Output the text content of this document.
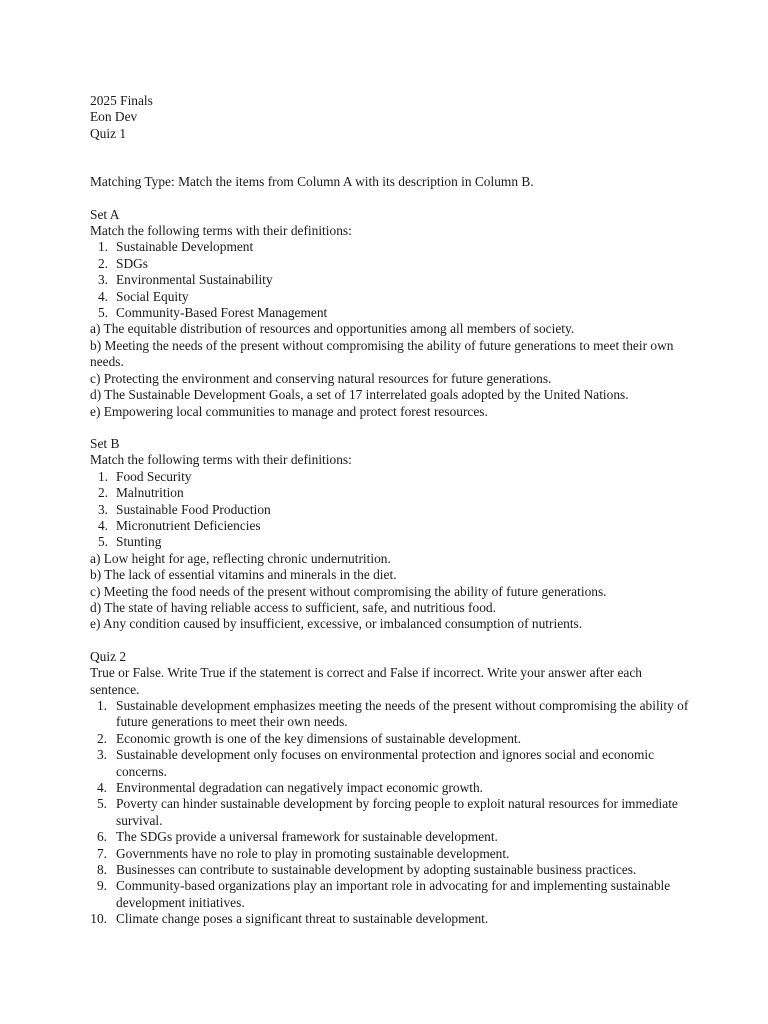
2025 Finals
Eon Dev
Quiz 1
Matching Type: Match the items from Column A with its description in Column B.
Set A
Match the following terms with their definitions:
1. Sustainable Development
2. SDGs
3. Environmental Sustainability
4. Social Equity
5. Community-Based Forest Management
a) The equitable distribution of resources and opportunities among all members of society.
b) Meeting the needs of the present without compromising the ability of future generations to meet their own needs.
c) Protecting the environment and conserving natural resources for future generations.
d) The Sustainable Development Goals, a set of 17 interrelated goals adopted by the United Nations.
e) Empowering local communities to manage and protect forest resources.
Set B
Match the following terms with their definitions:
1. Food Security
2. Malnutrition
3. Sustainable Food Production
4. Micronutrient Deficiencies
5. Stunting
a) Low height for age, reflecting chronic undernutrition.
b) The lack of essential vitamins and minerals in the diet.
c) Meeting the food needs of the present without compromising the ability of future generations.
d) The state of having reliable access to sufficient, safe, and nutritious food.
e) Any condition caused by insufficient, excessive, or imbalanced consumption of nutrients.
Quiz 2
True or False. Write True if the statement is correct and False if incorrect. Write your answer after each sentence.
1. Sustainable development emphasizes meeting the needs of the present without compromising the ability of future generations to meet their own needs.
2. Economic growth is one of the key dimensions of sustainable development.
3. Sustainable development only focuses on environmental protection and ignores social and economic concerns.
4. Environmental degradation can negatively impact economic growth.
5. Poverty can hinder sustainable development by forcing people to exploit natural resources for immediate survival.
6. The SDGs provide a universal framework for sustainable development.
7. Governments have no role to play in promoting sustainable development.
8. Businesses can contribute to sustainable development by adopting sustainable business practices.
9. Community-based organizations play an important role in advocating for and implementing sustainable development initiatives.
10. Climate change poses a significant threat to sustainable development.
